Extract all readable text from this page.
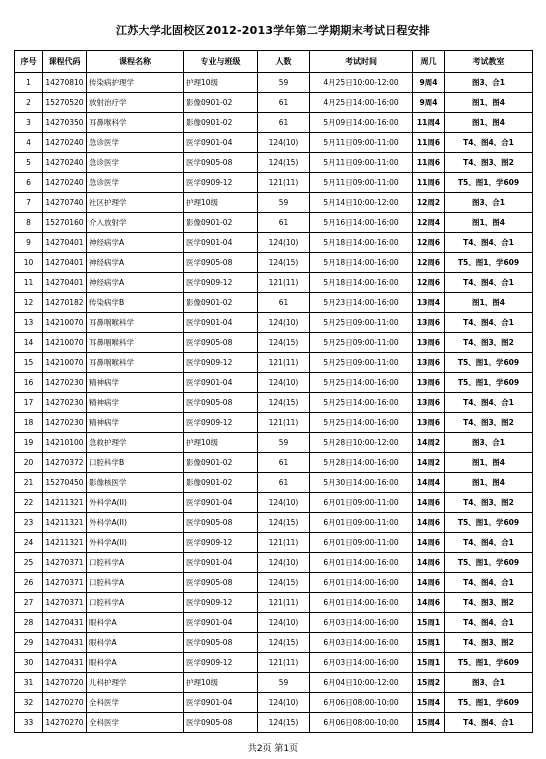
江苏大学北固校区2012-2013学年第二学期期末考试日程安排
序号	课程代码	课程名称	专业与班级	人数	考试时间	周几	考试教室
1	14270810	传染病护理学	护理10级	59	4月25日10:00-12:00	9周4	图3、合1
2	15270520	放射治疗学	影像0901-02	61	4月25日14:00-16:00	9周4	图1、图4
3	14270350	耳鼻喉科学	影像0901-02	61	5月09日14:00-16:00	11周4	图1、图4
4	14270240	急诊医学	医学0901-04	124(10)	5月11日09:00-11:00	11周6	T4、图4、合1
5	14270240	急诊医学	医学0905-08	124(15)	5月11日09:00-11:00	11周6	T4、图3、图2
6	14270240	急诊医学	医学0909-12	121(11)	5月11日09:00-11:00	11周6	T5、图1、学609
7	14270740	社区护理学	护理10级	59	5月14日10:00-12:00	12周2	图3、合1
8	15270160	介入放射学	影像0901-02	61	5月16日14:00-16:00	12周4	图1、图4
9	14270401	神经病学A	医学0901-04	124(10)	5月18日14:00-16:00	12周6	T4、图4、合1
10	14270401	神经病学A	医学0905-08	124(15)	5月18日14:00-16:00	12周6	T5、图1、学609
11	14270401	神经病学A	医学0909-12	121(11)	5月18日14:00-16:00	12周6	T4、图4、合1
12	14270182	传染病学B	影像0901-02	61	5月23日14:00-16:00	13周4	图1、图4
13	14210070	耳鼻咽喉科学	医学0901-04	124(10)	5月25日09:00-11:00	13周6	T4、图4、合1
14	14210070	耳鼻咽喉科学	医学0905-08	124(15)	5月25日09:00-11:00	13周6	T4、图3、图2
15	14210070	耳鼻咽喉科学	医学0909-12	121(11)	5月25日09:00-11:00	13周6	T5、图1、学609
16	14270230	精神病学	医学0901-04	124(10)	5月25日14:00-16:00	13周6	T5、图1、学609
17	14270230	精神病学	医学0905-08	124(15)	5月25日14:00-16:00	13周6	T4、图4、合1
18	14270230	精神病学	医学0909-12	121(11)	5月25日14:00-16:00	13周6	T4、图3、图2
19	14210100	急救护理学	护理10级	59	5月28日10:00-12:00	14周2	图3、合1
20	14270372	口腔科学B	影像0901-02	61	5月28日14:00-16:00	14周2	图1、图4
21	15270450	影像核医学	影像0901-02	61	5月30日14:00-16:00	14周4	图1、图4
22	14211321	外科学A(II)	医学0901-04	124(10)	6月01日09:00-11:00	14周6	T4、图3、图2
23	14211321	外科学A(II)	医学0905-08	124(15)	6月01日09:00-11:00	14周6	T5、图1、学609
24	14211321	外科学A(II)	医学0909-12	121(11)	6月01日09:00-11:00	14周6	T4、图4、合1
25	14270371	口腔科学A	医学0901-04	124(10)	6月01日14:00-16:00	14周6	T5、图1、学609
26	14270371	口腔科学A	医学0905-08	124(15)	6月01日14:00-16:00	14周6	T4、图4、合1
27	14270371	口腔科学A	医学0909-12	121(11)	6月01日14:00-16:00	14周6	T4、图3、图2
28	14270431	眼科学A	医学0901-04	124(10)	6月03日14:00-16:00	15周1	T4、图4、合1
29	14270431	眼科学A	医学0905-08	124(15)	6月03日14:00-16:00	15周1	T4、图3、图2
30	14270431	眼科学A	医学0909-12	121(11)	6月03日14:00-16:00	15周1	T5、图1、学609
31	14270720	儿科护理学	护理10级	59	6月04日10:00-12:00	15周2	图3、合1
32	14270270	全科医学	医学0901-04	124(10)	6月06日08:00-10:00	15周4	T5、图1、学609
33	14270270	全科医学	医学0905-08	124(15)	6月06日08:00-10:00	15周4	T4、图4、合1
共2页 第1页
